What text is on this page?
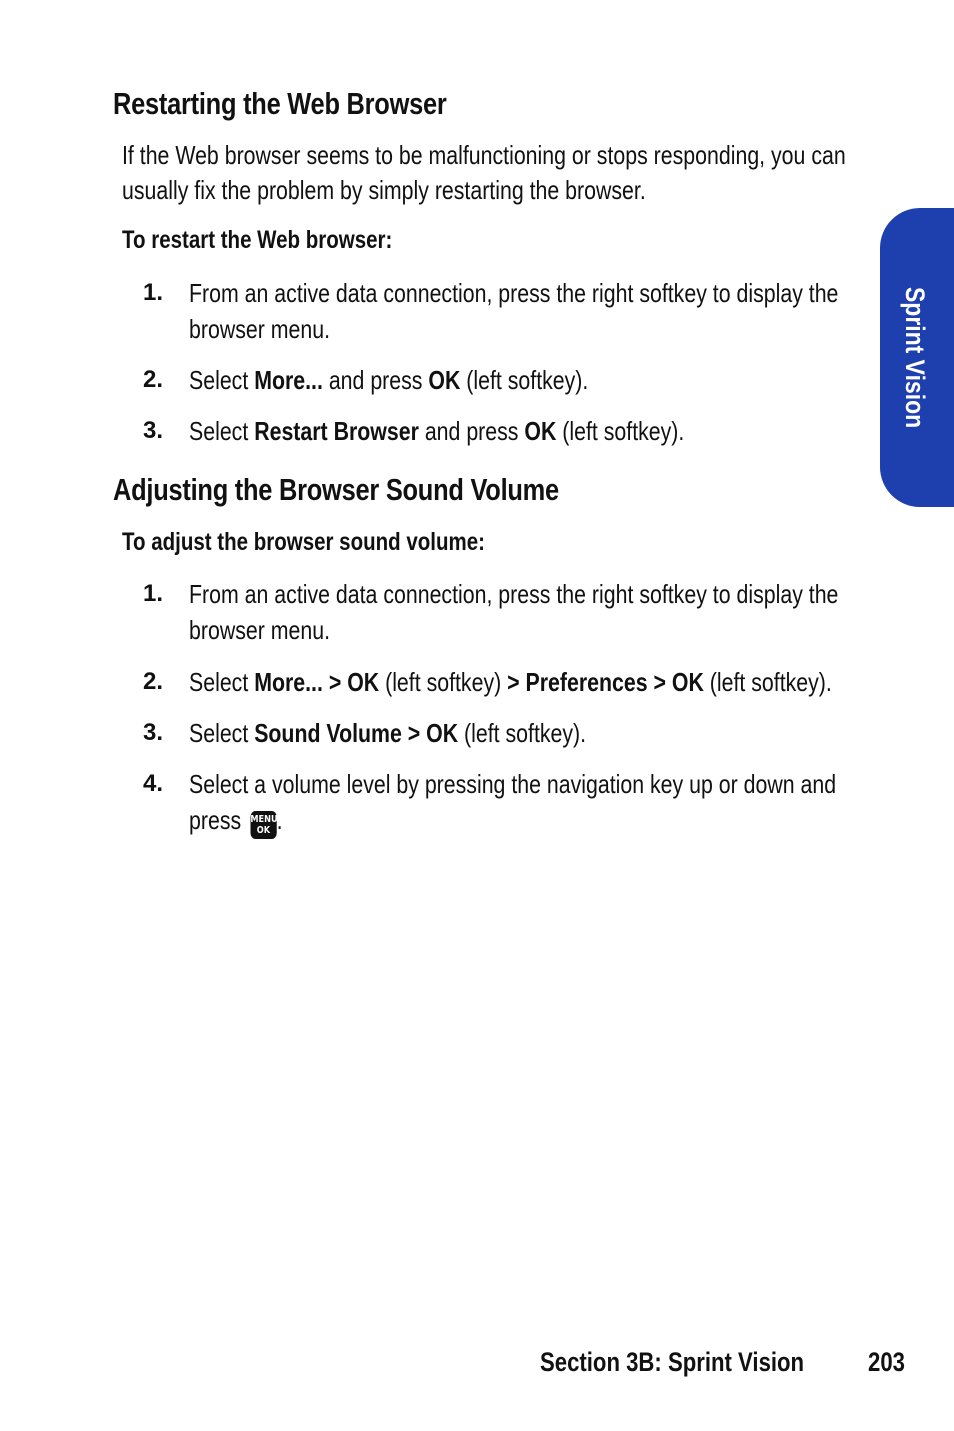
Restarting the Web Browser

If the Web browser seems to be malfunctioning or stops responding, you can

usually fix the problem by simply restarting the browser.

To restart the Web browser:
1. From an active data connection, press the right softkey to display the
browser menu.
2. Select More... and press OK (left softkey).
3. Select Restart Browser and press OK (left softkey).
Adjusting the Browser Sound Volume
To adjust the browser sound volume:
1. From an active data connection, press the right softkey to display the
browser menu.
2. Select More... > OK (left softkey) > Preferences > OK (left softkey).
3. Select Sound Volume > OK (left softkey).
4. Select a volume level by pressing the navigation key up or down and
press MENU
OK .
Sprint Vision
Section 3B: Sprint Vision 203
